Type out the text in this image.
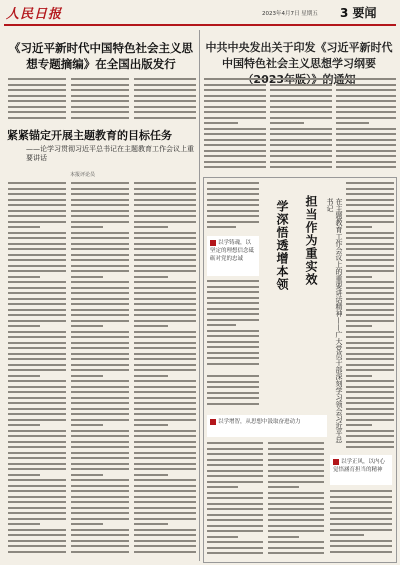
人民日报	2023年4月7日 星期五 3 要闻
《习近平新时代中国特色社会主义思想专题摘编》在全国出版发行
紧紧锚定开展主题教育的目标任务
——论学习贯彻习近平总书记在主题教育工作会议上重要讲话
本报评论员
中共中央发出关于印发《习近平新时代中国特色社会主义思想学习纲要
以学铸魂，以坚定的理想信念砥砺对党的忠诚	学深悟透增本领	担当作为重实效	在主题教育工作会议上的重要讲话精神——广大党员干部深刻学习领会习近平总书记
以学正风，以内心觉悟涵育担当的精神
以学增智，从思想中汲取奋进动力
